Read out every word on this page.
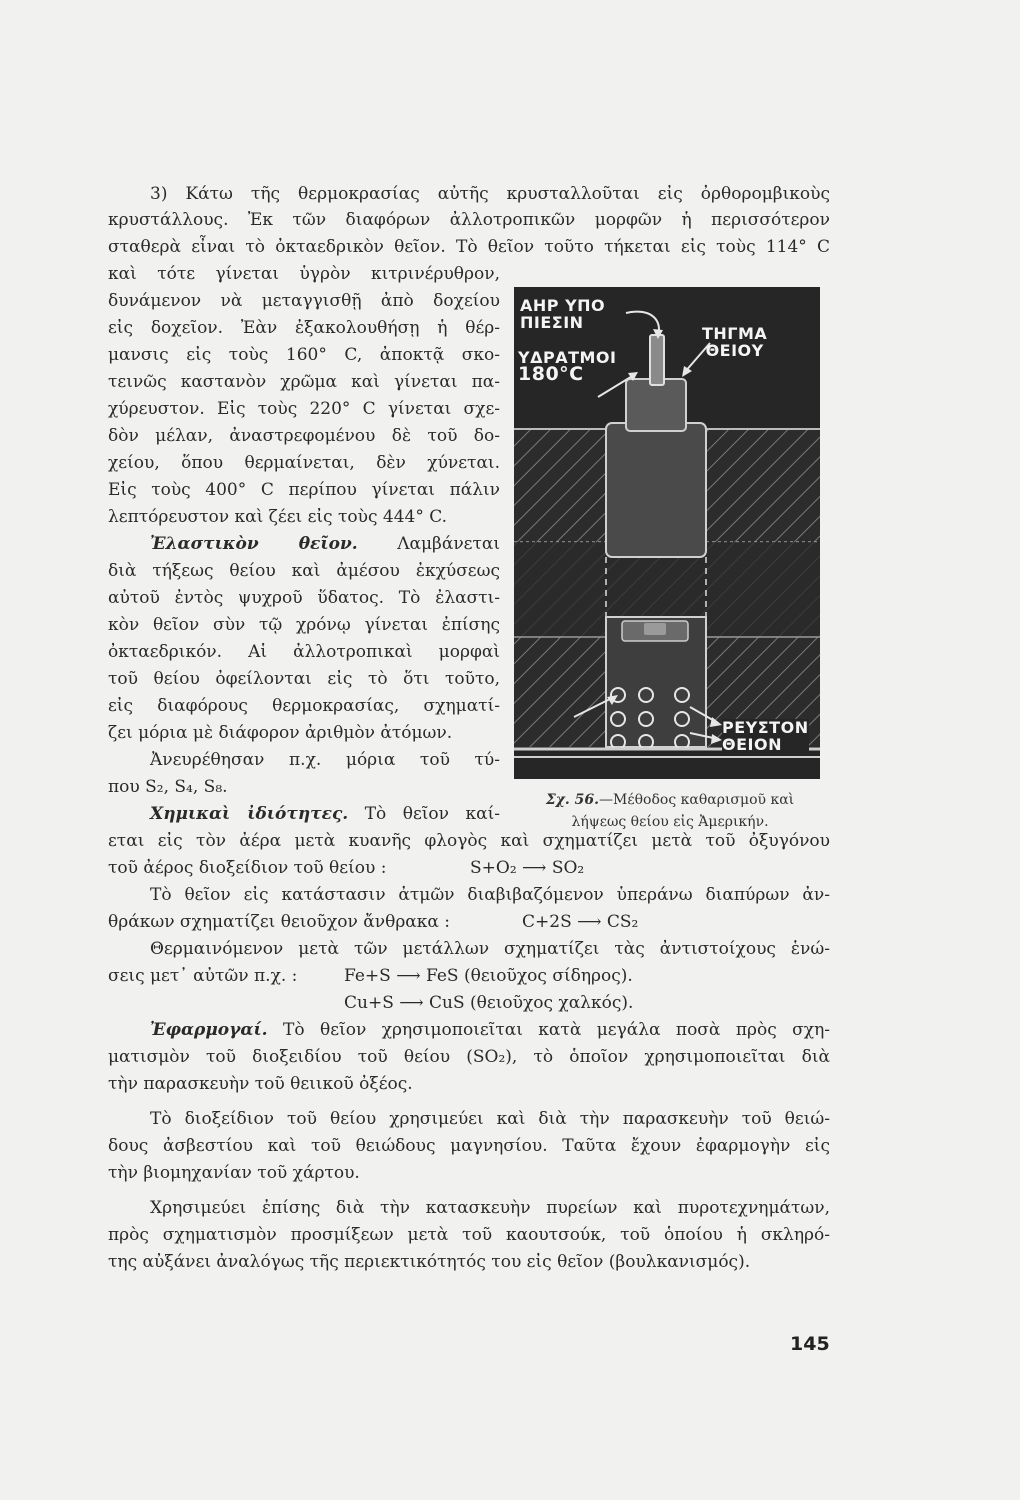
3) Κάτω τῆς θερμοκρασίας αὐτῆς κρυσταλλοῦται εἰς ὀρθορομβικοὺς
κρυστάλλους. Ἐκ τῶν διαφόρων ἀλλοτροπικῶν μορφῶν ἡ περισσότερον
σταθερὰ εἶναι τὸ ὀκταεδρικὸν θεῖον. Τὸ θεῖον τοῦτο τήκεται εἰς τοὺς 114° C
καὶ τότε γίνεται ὑγρὸν κιτρινέρυθρον,
δυνάμενον νὰ μεταγγισθῇ ἀπὸ δοχείου
εἰς δοχεῖον. Ἐὰν ἐξακολουθήσῃ ἡ θέρ-
μανσις εἰς τοὺς 160° C, ἀποκτᾷ σκο-
τεινῶς καστανὸν χρῶμα καὶ γίνεται πα-
χύρευστον. Εἰς τοὺς 220° C γίνεται σχε-
δὸν μέλαν, ἀναστρεφομένου δὲ τοῦ δο-
χείου, ὅπου θερμαίνεται, δὲν χύνεται.
Εἰς τοὺς 400° C περίπου γίνεται πάλιν
λεπτόρευστον καὶ ζέει εἰς τοὺς 444° C.
Ἐλαστικὸν θεῖον. Λαμβάνεται
διὰ τήξεως θείου καὶ ἀμέσου ἐκχύσεως
αὐτοῦ ἐντὸς ψυχροῦ ὕδατος. Τὸ ἐλαστι-
κὸν θεῖον σὺν τῷ χρόνῳ γίνεται ἐπίσης
ὀκταεδρικόν. Αἱ ἀλλοτροπικαὶ μορφαὶ
τοῦ θείου ὀφείλονται εἰς τὸ ὅτι τοῦτο,
εἰς διαφόρους θερμοκρασίας, σχηματί-
ζει μόρια μὲ διάφορον ἀριθμὸν ἀτόμων.
Ἀνευρέθησαν π.χ. μόρια τοῦ τύ-
που S₂, S₄, S₈.
Χημικαὶ ἰδιότητες. Τὸ θεῖον καί-
εται εἰς τὸν ἀέρα μετὰ κυανῆς φλογὸς καὶ σχηματίζει μετὰ τοῦ ὀξυγόνου
τοῦ ἀέρος διοξείδιον τοῦ θείου :	S+O₂ ⟶ SO₂
Τὸ θεῖον εἰς κατάστασιν ἀτμῶν διαβιβαζόμενον ὑπεράνω διαπύρων ἀν-
θράκων σχηματίζει θειοῦχον ἄνθρακα :	C+2S ⟶ CS₂
Θερμαινόμενον μετὰ τῶν μετάλλων σχηματίζει τὰς ἀντιστοίχους ἑνώ-
σεις μετ᾿ αὐτῶν π.χ. :	Fe+S ⟶ FeS (θειοῦχος σίδηρος).
Cu+S ⟶ CuS (θειοῦχος χαλκός).
Ἐφαρμογαί. Τὸ θεῖον χρησιμοποιεῖται κατὰ μεγάλα ποσὰ πρὸς σχη-
ματισμὸν τοῦ διοξειδίου τοῦ θείου (SO₂), τὸ ὁποῖον χρησιμοποιεῖται διὰ
τὴν παρασκευὴν τοῦ θειικοῦ ὀξέος.
Τὸ διοξείδιον τοῦ θείου χρησιμεύει καὶ διὰ τὴν παρασκευὴν τοῦ θειώ-
δους ἀσβεστίου καὶ τοῦ θειώδους μαγνησίου. Ταῦτα ἔχουν ἐφαρμογὴν εἰς
τὴν βιομηχανίαν τοῦ χάρτου.
Χρησιμεύει ἐπίσης διὰ τὴν κατασκευὴν πυρείων καὶ πυροτεχνημάτων,
πρὸς σχηματισμὸν προσμίξεων μετὰ τοῦ καουτσούκ, τοῦ ὁποίου ἡ σκληρό-
της αὐξάνει ἀναλόγως τῆς περιεκτικότητός του εἰς θεῖον (βουλκανισμός).
ΑΗΡ ΥΠΟ
ΠΙΕΣΙΝ
ΤΗΓΜΑ
ΘΕΙΟΥ
ΥΔΡΑΤΜΟΙ
180°C
ΡΕΥΣΤΟΝ
ΘΕΙΟΝ
Σχ. 56.—Μέθοδος καθαρισμοῦ καὶ
λήψεως θείου εἰς Ἀμερικήν.
145
